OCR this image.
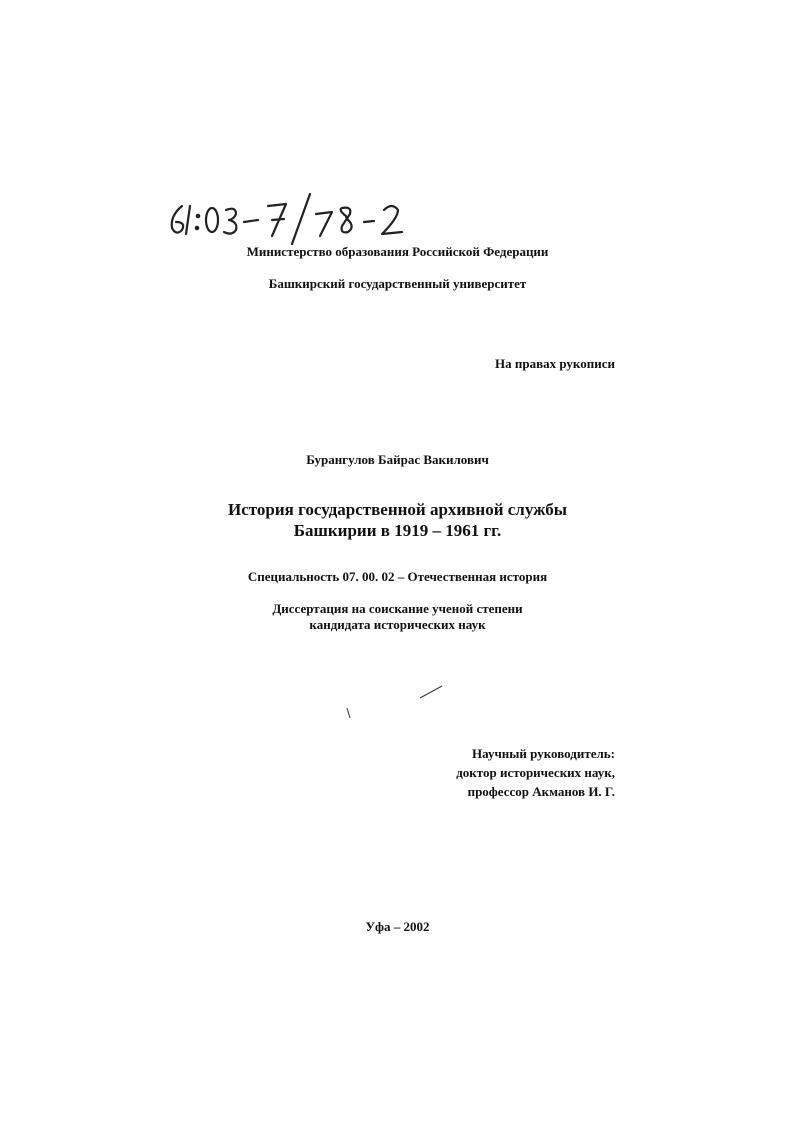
Министерство образования Российской Федерации
Башкирский государственный университет
На правах рукописи
Бурангулов Байрас Вакилович
История государственной архивной службы
Башкирии в 1919 – 1961 гг.
Специальность 07. 00. 02 – Отечественная история
Диссертация на соискание ученой степени
кандидата исторических наук
Научный руководитель:
доктор исторических наук,
профессор Акманов И. Г.
Уфа – 2002
